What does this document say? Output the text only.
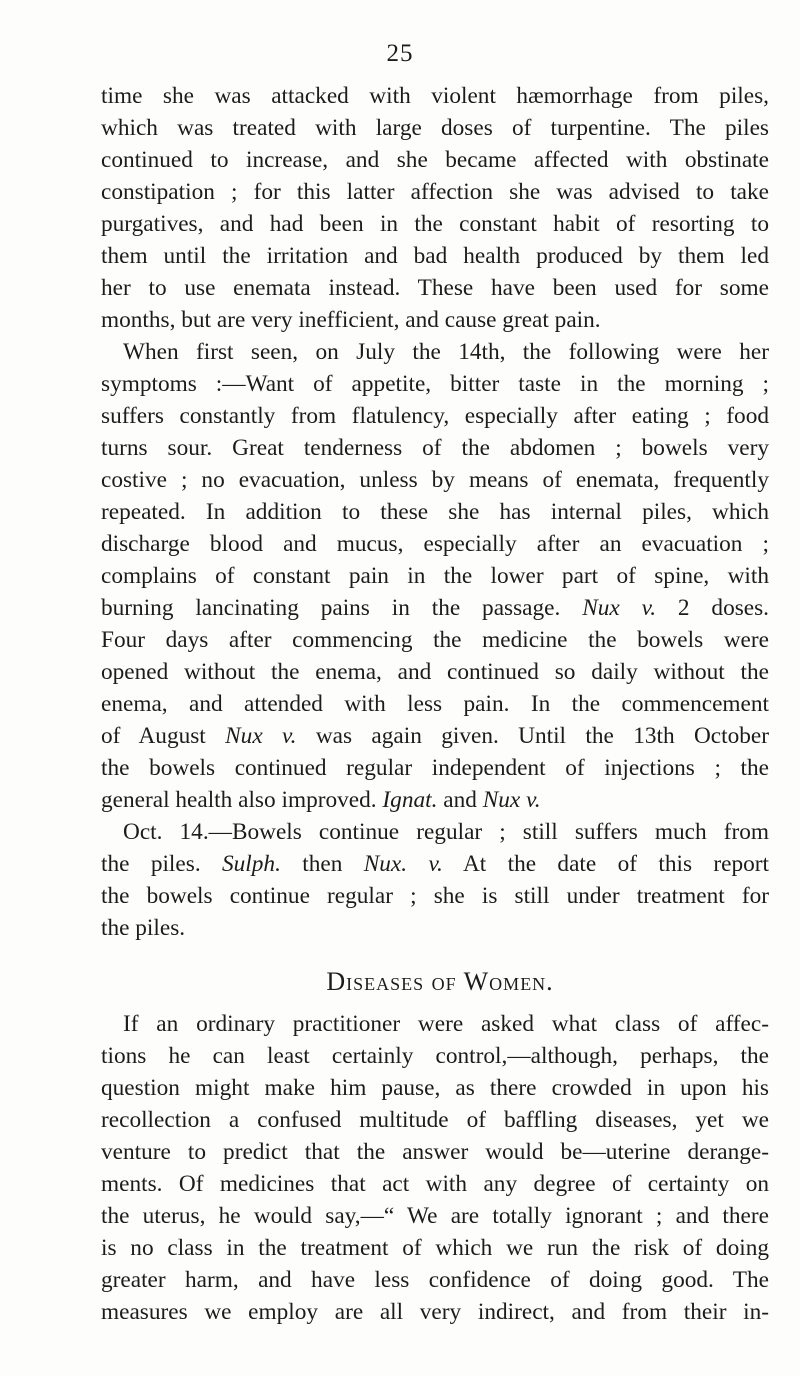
25
time she was attacked with violent hæmorrhage from piles,
which was treated with large doses of turpentine. The piles
continued to increase, and she became affected with obstinate
constipation ; for this latter affection she was advised to take
purgatives, and had been in the constant habit of resorting to
them until the irritation and bad health produced by them led
her to use enemata instead. These have been used for some
months, but are very inefficient, and cause great pain.
When first seen, on July the 14th, the following were her
symptoms :—Want of appetite, bitter taste in the morning ;
suffers constantly from flatulency, especially after eating ; food
turns sour. Great tenderness of the abdomen ; bowels very
costive ; no evacuation, unless by means of enemata, frequently
repeated. In addition to these she has internal piles, which
discharge blood and mucus, especially after an evacuation ;
complains of constant pain in the lower part of spine, with
burning lancinating pains in the passage. Nux v. 2 doses.
Four days after commencing the medicine the bowels were
opened without the enema, and continued so daily without the
enema, and attended with less pain. In the commencement
of August Nux v. was again given. Until the 13th October
the bowels continued regular independent of injections ; the
general health also improved. Ignat. and Nux v.
Oct. 14.—Bowels continue regular ; still suffers much from
the piles. Sulph. then Nux. v. At the date of this report
the bowels continue regular ; she is still under treatment for
the piles.
Diseases of Women.
If an ordinary practitioner were asked what class of affec-
tions he can least certainly control,—although, perhaps, the
question might make him pause, as there crowded in upon his
recollection a confused multitude of baffling diseases, yet we
venture to predict that the answer would be—uterine derange-
ments. Of medicines that act with any degree of certainty on
the uterus, he would say,—“ We are totally ignorant ; and there
is no class in the treatment of which we run the risk of doing
greater harm, and have less confidence of doing good. The
measures we employ are all very indirect, and from their in-
